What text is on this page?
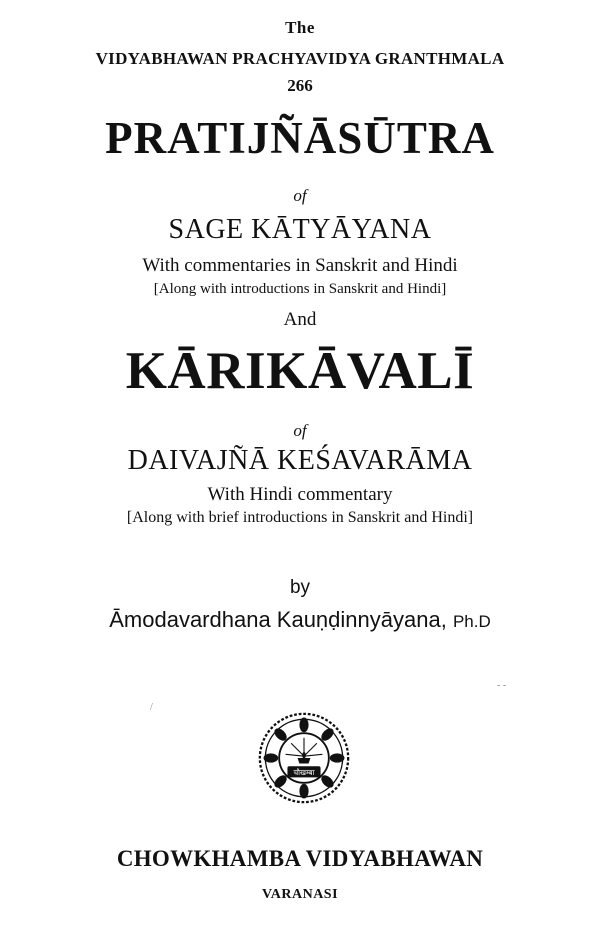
The
VIDYABHAWAN PRACHYAVIDYA GRANTHMALA
266
PRATIJÑĀSŪTRA
of
SAGE KĀTYĀYANA
With commentaries in Sanskrit and Hindi
[Along with introductions in Sanskrit and Hindi]
And
KĀRIKĀVALĪ
of
DAIVAJÑĀ KEŚAVARĀMA
With Hindi commentary
[Along with brief introductions in Sanskrit and Hindi]
by
Āmodavardhana Kauṇḍinnyāyana, Ph.D
/
- -
चौखम्बा
CHOWKHAMBA VIDYABHAWAN
VARANASI
